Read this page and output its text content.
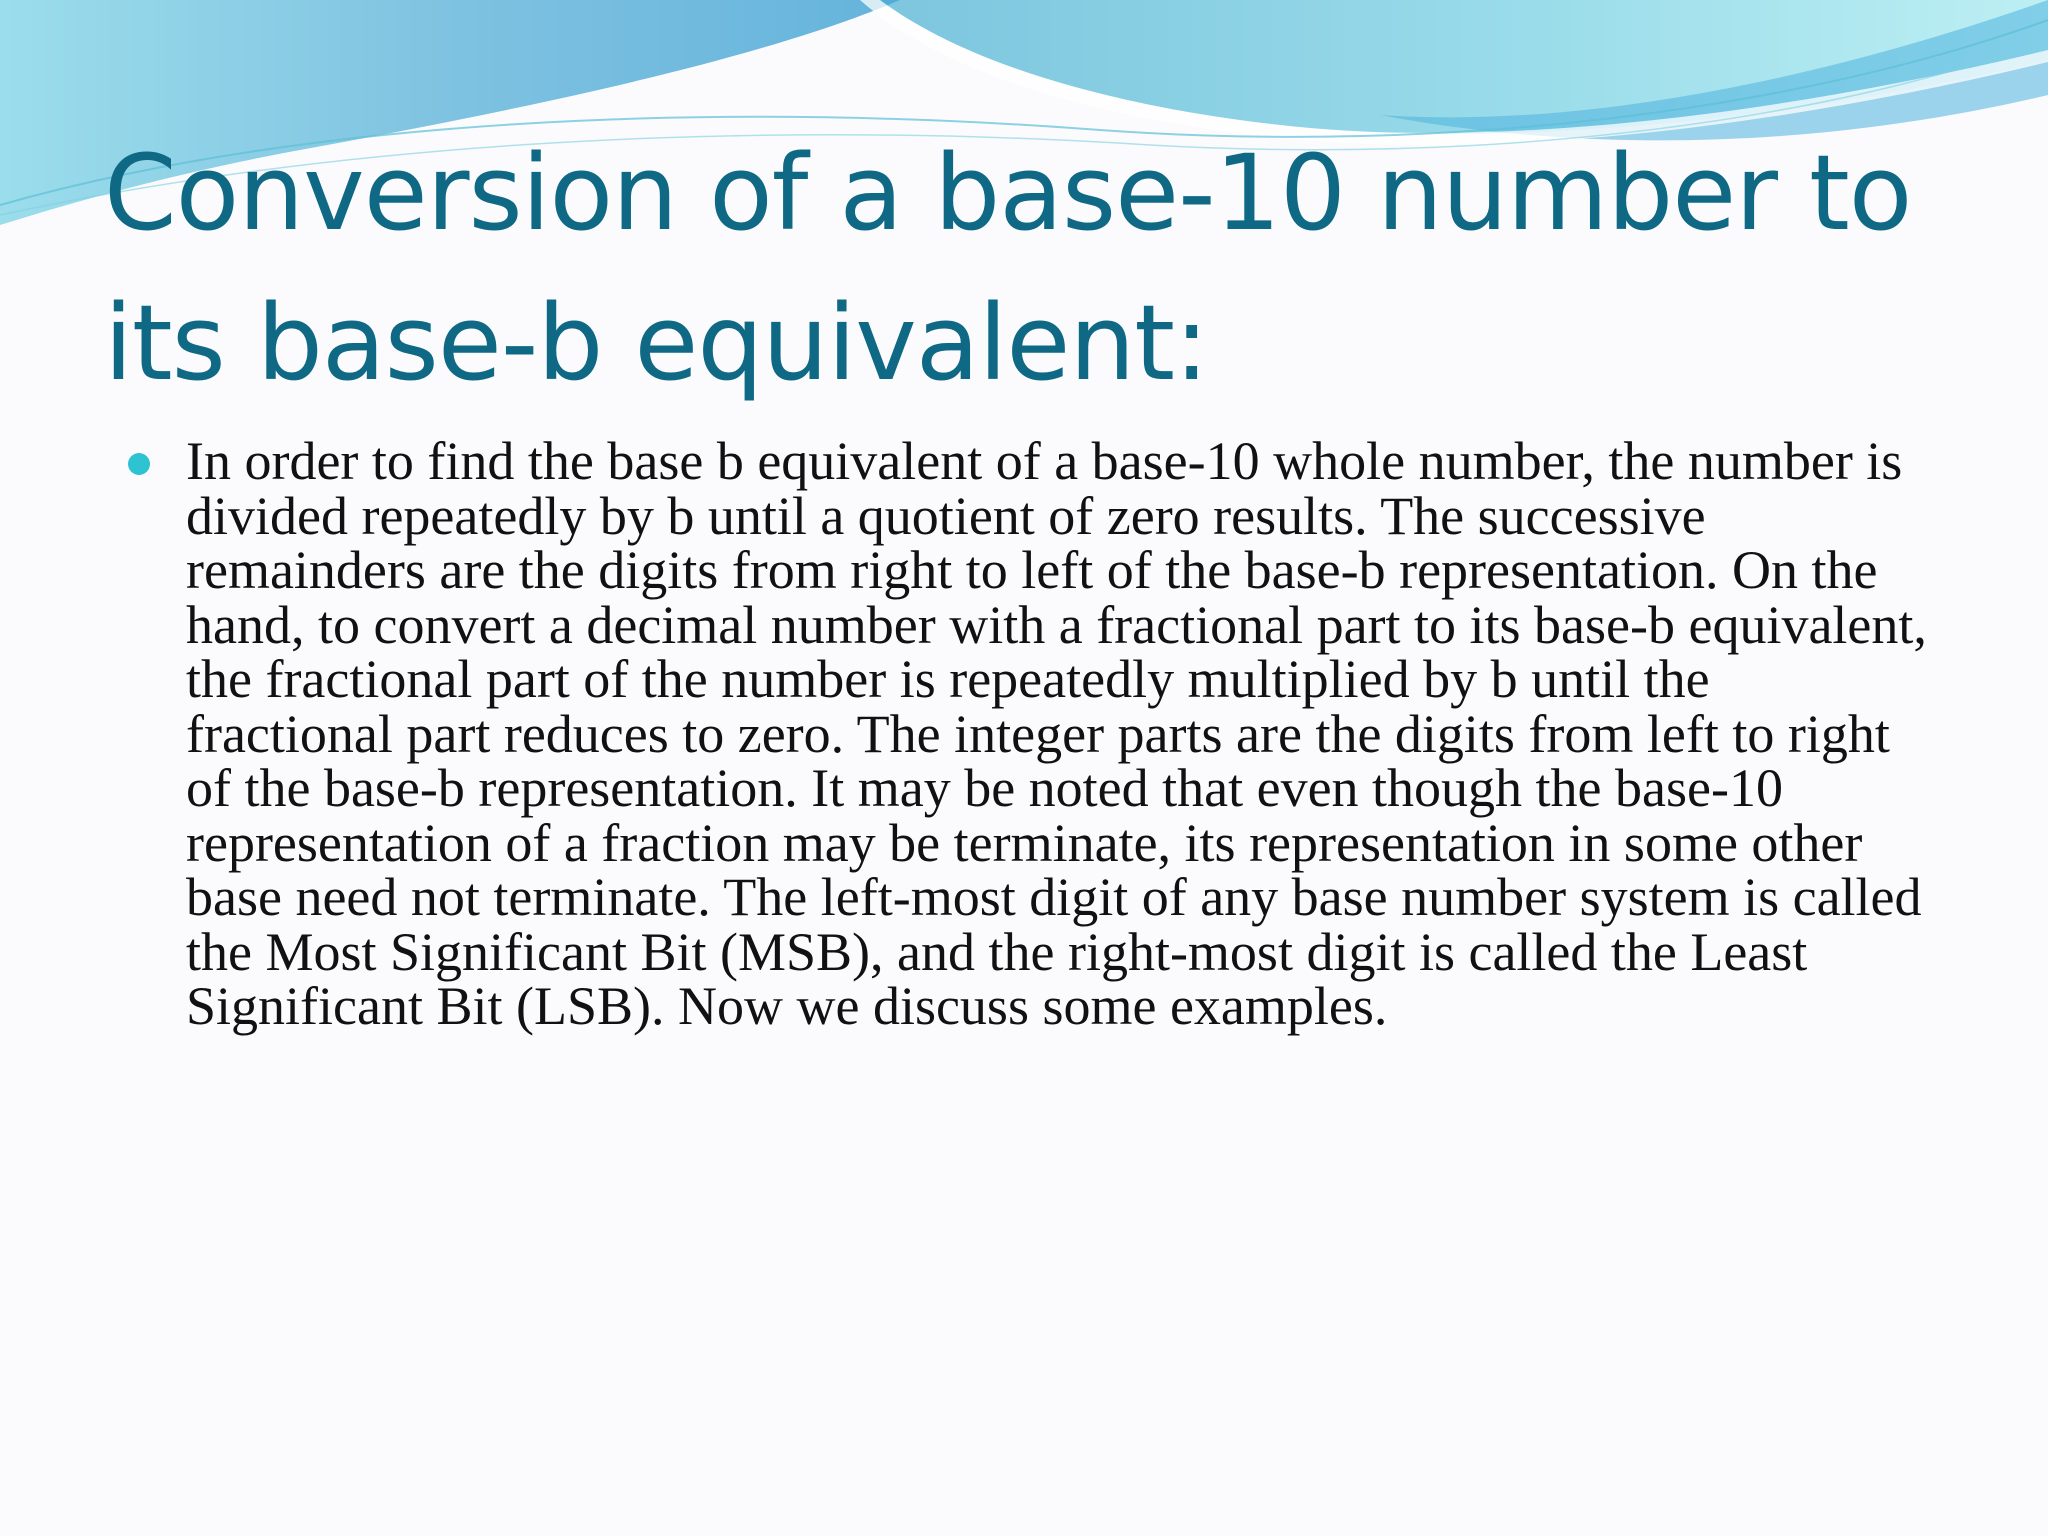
Conversion of a base-10 number to its base-b equivalent:
In order to find the base b equivalent of a base-10 whole number, the number is divided repeatedly by b until a quotient of zero results. The successive remainders are the digits from right to left of the base-b representation. On the hand, to convert a decimal number with a fractional part to its base-b equivalent, the fractional part of the number is repeatedly multiplied by b until the fractional part reduces to zero. The integer parts are the digits from left to right of the base-b representation. It may be noted that even though the base-10 representation of a fraction may be terminate, its representation in some other base need not terminate. The left-most digit of any base number system is called the Most Significant Bit (MSB), and the right-most digit is called the Least Significant Bit (LSB). Now we discuss some examples.
